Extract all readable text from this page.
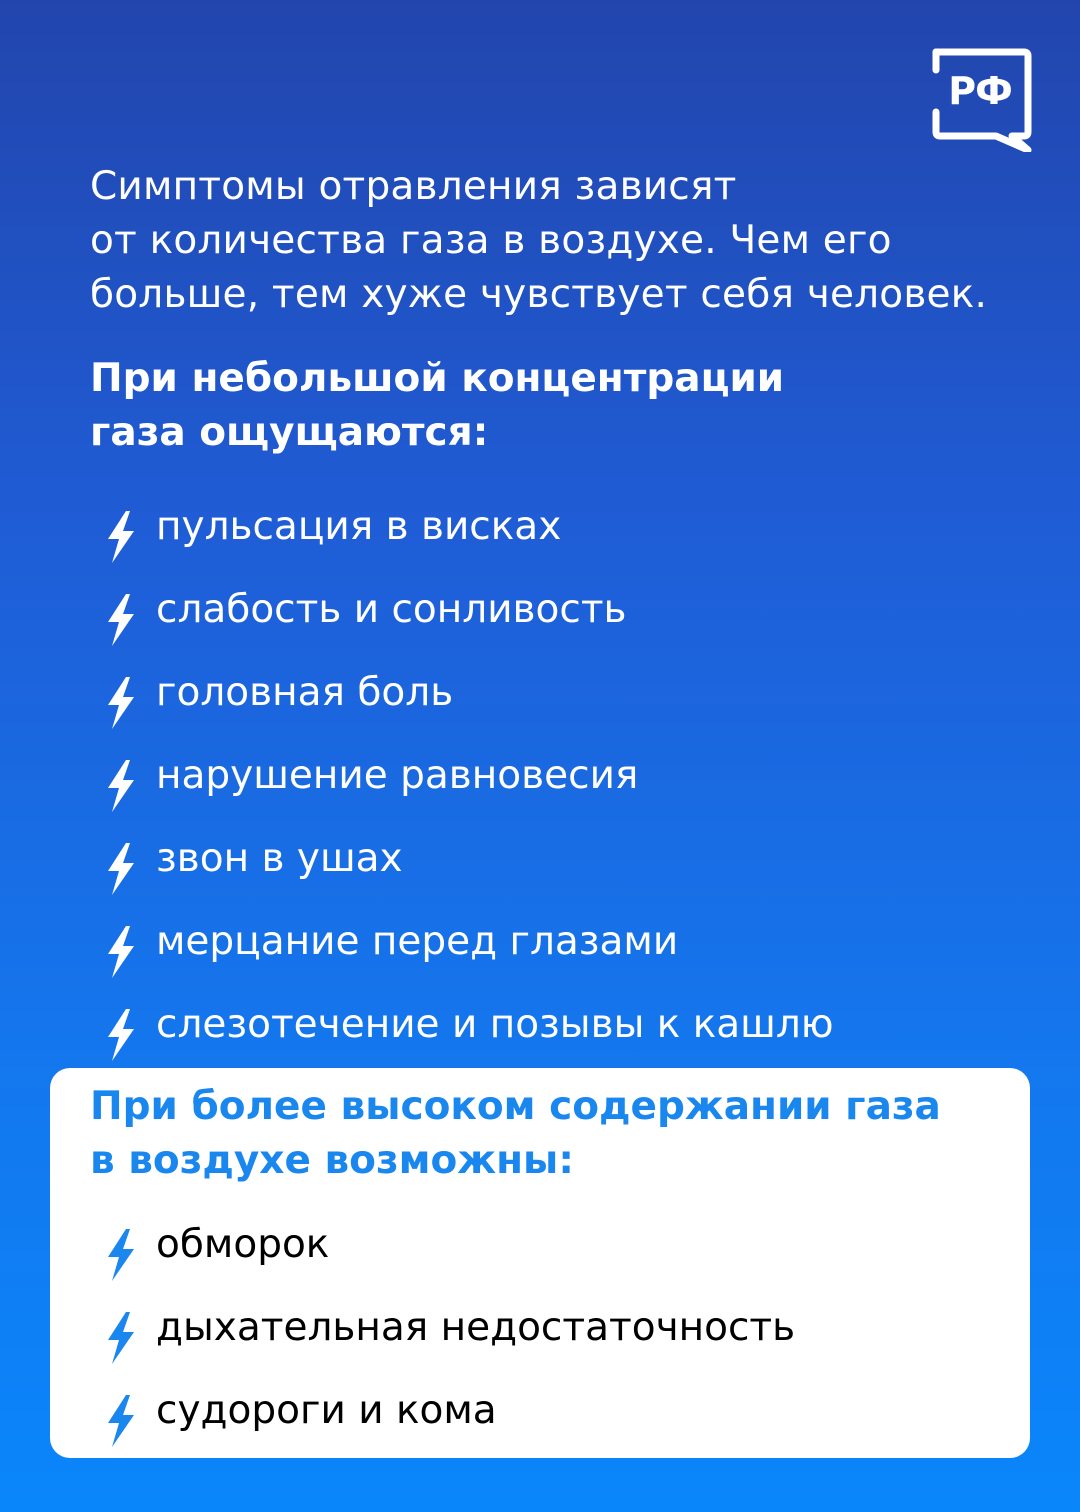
РФ
Симптомы отравления зависят
от количества газа в воздухе. Чем его
больше, тем хуже чувствует себя человек.
При небольшой концентрации
газа ощущаются:
пульсация в висках
слабость и сонливость
головная боль
нарушение равновесия
звон в ушах
мерцание перед глазами
слезотечение и позывы к кашлю
При более высоком содержании газа
в воздухе возможны:
обморок
дыхательная недостаточность
судороги и кома
